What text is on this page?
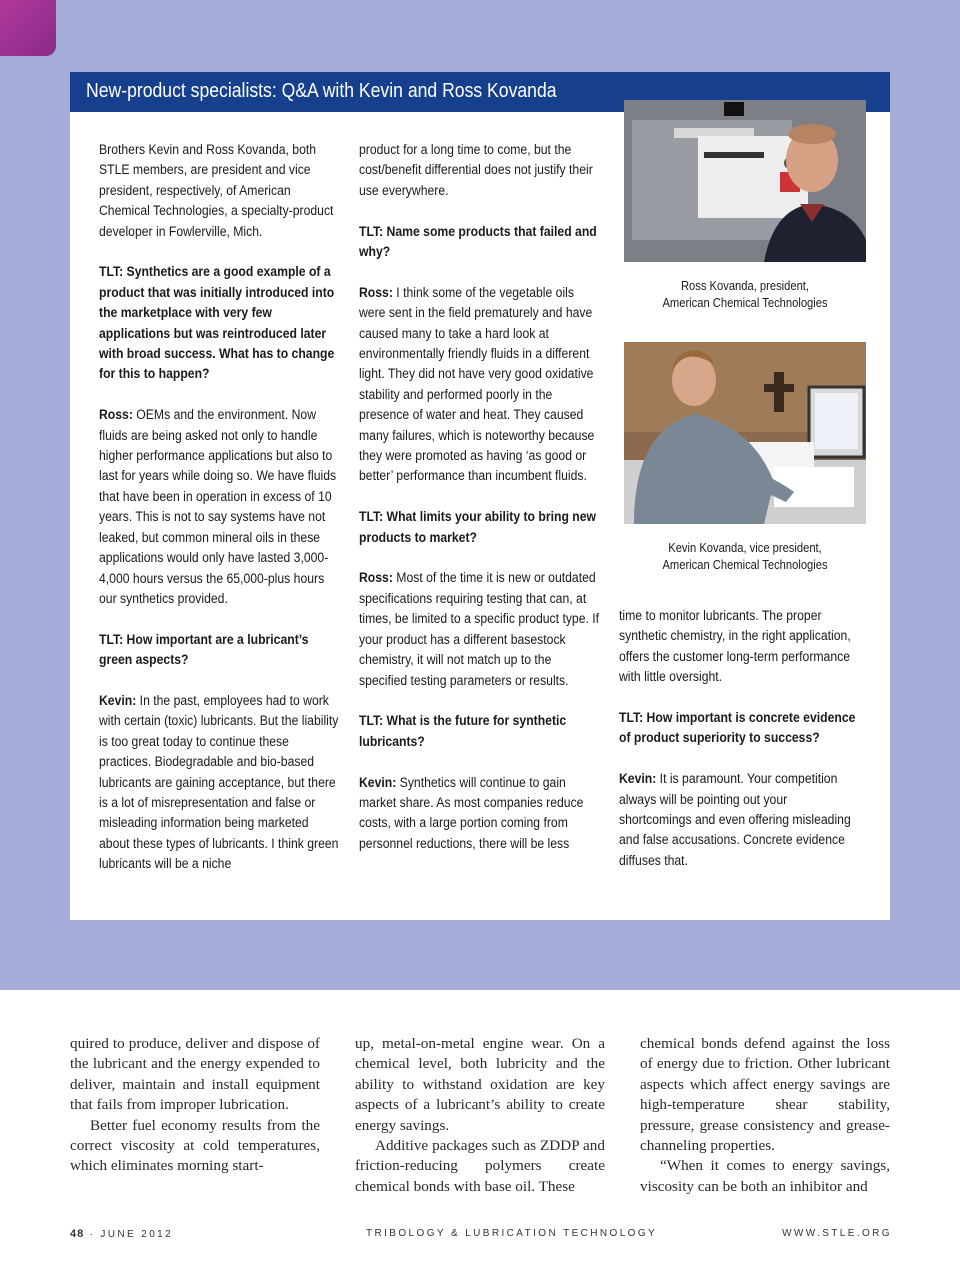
New-product specialists: Q&A with Kevin and Ross Kovanda

Brothers Kevin and Ross Kovanda, both STLE members, are president and vice president, respectively, of American Chemical Technologies, a specialty-product developer in Fowlerville, Mich.

TLT: Synthetics are a good example of a product that was initially introduced into the marketplace with very few applications but was reintroduced later with broad success. What has to change for this to happen?

Ross: OEMs and the environment. Now fluids are being asked not only to handle higher performance applications but also to last for years while doing so. We have fluids that have been in operation in excess of 10 years. This is not to say systems have not leaked, but common mineral oils in these applications would only have lasted 3,000-4,000 hours versus the 65,000-plus hours our synthetics provided.

TLT: How important are a lubricant’s green aspects?

Kevin: In the past, employees had to work with certain (toxic) lubricants. But the liability is too great today to continue these practices. Biodegradable and bio-based lubricants are gaining acceptance, but there is a lot of misrepresentation and false or misleading information being marketed about these types of lubricants. I think green lubricants will be a niche

product for a long time to come, but the cost/benefit differential does not justify their use everywhere.

TLT: Name some products that failed and why?

Ross: I think some of the vegetable oils were sent in the field prematurely and have caused many to take a hard look at environmentally friendly fluids in a different light. They did not have very good oxidative stability and performed poorly in the presence of water and heat. They caused many failures, which is noteworthy because they were promoted as having ‘as good or better’ performance than incumbent fluids.

TLT: What limits your ability to bring new products to market?

Ross: Most of the time it is new or outdated specifications requiring testing that can, at times, be limited to a specific product type. If your product has a different basestock chemistry, it will not match up to the specified testing parameters or results.

TLT: What is the future for synthetic lubricants?

Kevin: Synthetics will continue to gain market share. As most companies reduce costs, with a large portion coming from personnel reductions, there will be less

Ross Kovanda, president,
American Chemical Technologies
Kevin Kovanda, vice president,
American Chemical Technologies

time to monitor lubricants. The proper synthetic chemistry, in the right application, offers the customer long-term performance with little oversight.

TLT: How important is concrete evidence of product superiority to success?

Kevin: It is paramount. Your competition always will be pointing out your shortcomings and even offering misleading and false accusations. Concrete evidence diffuses that.

quired to produce, deliver and dispose of the lubricant and the energy expended to deliver, maintain and install equipment that fails from improper lubrication.

Better fuel economy results from the correct viscosity at cold temperatures, which eliminates morning start-

up, metal-on-metal engine wear. On a chemical level, both lubricity and the ability to withstand oxidation are key aspects of a lubricant’s ability to create energy savings.

Additive packages such as ZDDP and friction-reducing polymers create chemical bonds with base oil. These

chemical bonds defend against the loss of energy due to friction. Other lubricant aspects which affect energy savings are high-temperature shear stability, pressure, grease consistency and grease-channeling properties.

“When it comes to energy savings, viscosity can be both an inhibitor and

48 · JUNE 2012	TRIBOLOGY & LUBRICATION TECHNOLOGY	WWW.STLE.ORG
